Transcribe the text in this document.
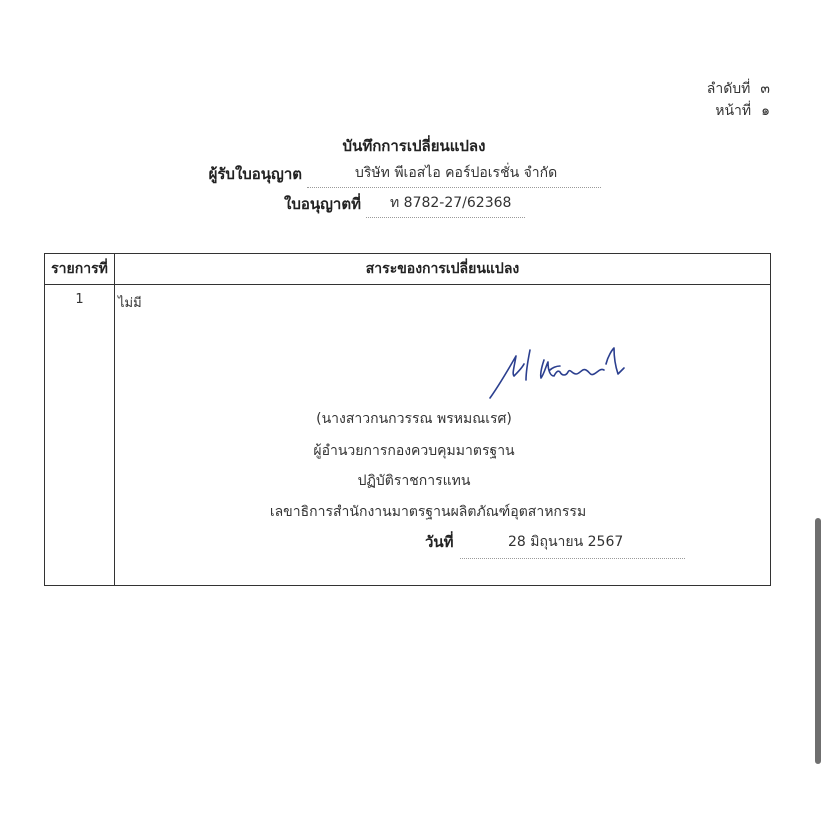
ลำดับที่ ๓
หน้าที่ ๑
บันทึกการเปลี่ยนแปลง
ผู้รับใบอนุญาต	บริษัท พีเอสไอ คอร์ปอเรชั่น จำกัด
ใบอนุญาตที่	ท 8782-27/62368
รายการที่	สาระของการเปลี่ยนแปลง
1	ไม่มี
(นางสาวกนกวรรณ พรหมณเรศ)
ผู้อำนวยการกองควบคุมมาตรฐาน
ปฏิบัติราชการแทน
เลขาธิการสำนักงานมาตรฐานผลิตภัณฑ์อุตสาหกรรม
วันที่	28 มิถุนายน 2567
